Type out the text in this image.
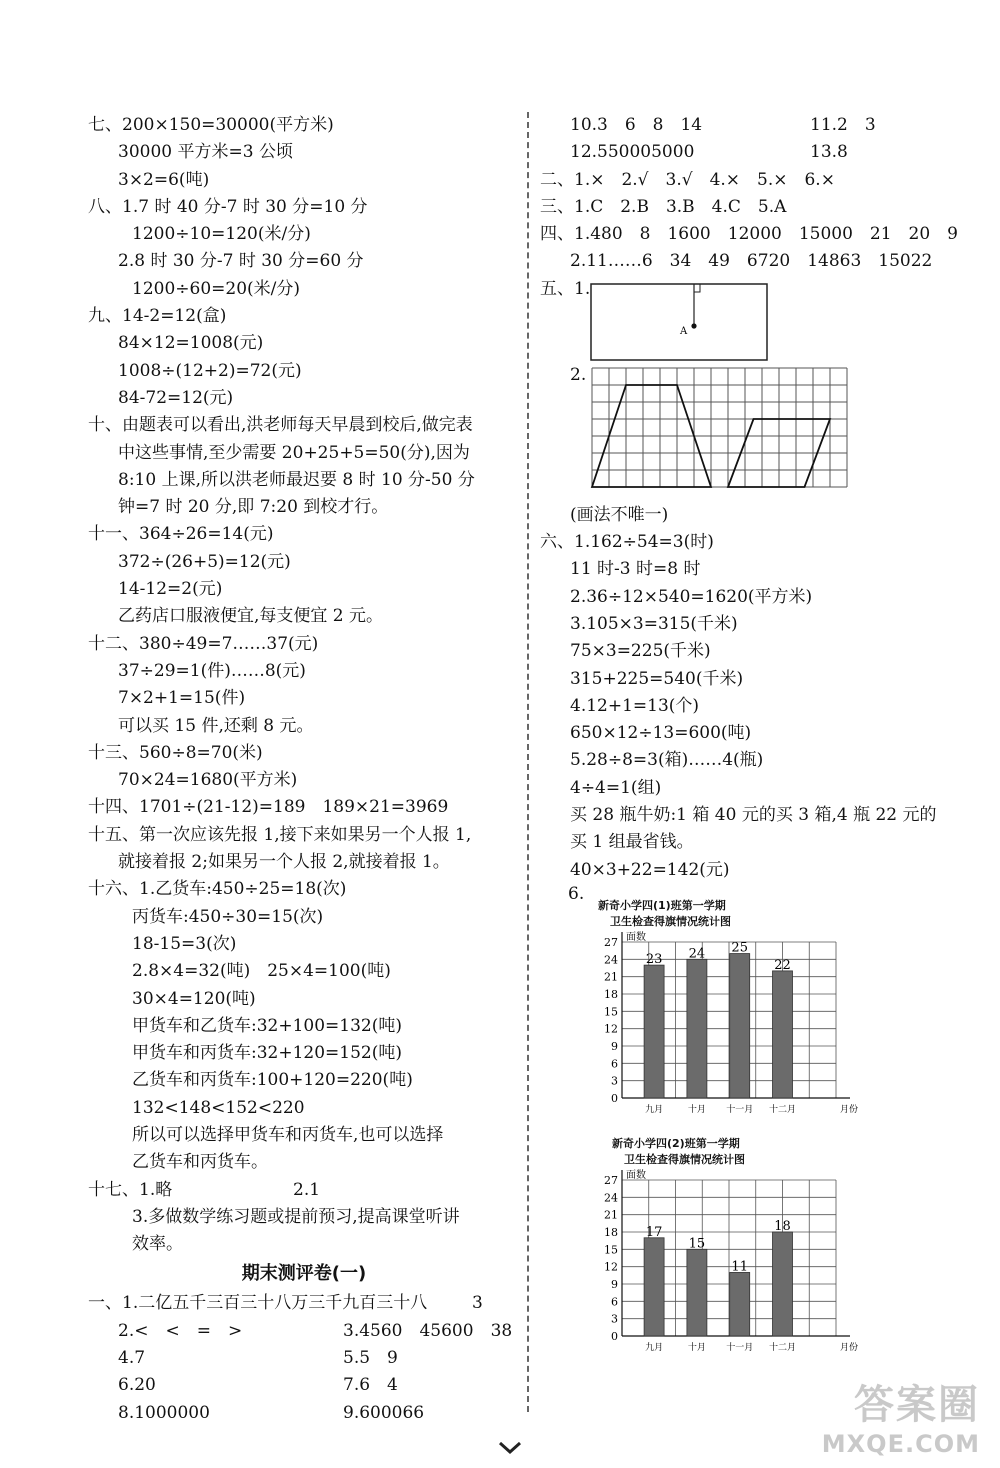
七、200×150=30000(平方米)
30000 平方米=3 公顷
3×2=6(吨)
八、1.7 时 40 分-7 时 30 分=10 分
1200÷10=120(米/分)
2.8 时 30 分-7 时 30 分=60 分
1200÷60=20(米/分)
九、14-2=12(盒)
84×12=1008(元)
1008÷(12+2)=72(元)
84-72=12(元)
十、由题表可以看出,洪老师每天早晨到校后,做完表
中这些事情,至少需要 20+25+5=50(分),因为
8:10 上课,所以洪老师最迟要 8 时 10 分-50 分
钟=7 时 20 分,即 7:20 到校才行。
十一、364÷26=14(元)
372÷(26+5)=12(元)
14-12=2(元)
乙药店口服液便宜,每支便宜 2 元。
十二、380÷49=7……37(元)
37÷29=1(件)……8(元)
7×2+1=15(件)
可以买 15 件,还剩 8 元。
十三、560÷8=70(米)
70×24=1680(平方米)
十四、1701÷(21-12)=189　189×21=3969
十五、第一次应该先报 1,接下来如果另一个人报 1,
就接着报 2;如果另一个人报 2,就接着报 1。
十六、1.乙货车:450÷25=18(次)
丙货车:450÷30=15(次)
18-15=3(次)
2.8×4=32(吨)　25×4=100(吨)
30×4=120(吨)
甲货车和乙货车:32+100=132(吨)
甲货车和丙货车:32+120=152(吨)
乙货车和丙货车:100+120=220(吨)
132<148<152<220
所以可以选择甲货车和丙货车,也可以选择
乙货车和丙货车。
十七、1.略	2.1
3.多做数学练习题或提前预习,提高课堂听讲
效率。
期末测评卷(一)
一、1.二亿五千三百三十八万三千九百三十八	3
2.<　<　=　>	3.4560　45600　38
4.7	5.5　9
6.20	7.6　4
8.1000000	9.600066
10.3　6　8　14	11.2　3
12.550005000	13.8
二、1.×　2.√　3.√　4.×　5.×　6.×
三、1.C　2.B　3.B　4.C　5.A
四、1.480　8　1600　12000　15000　21　20　9
2.11……6　34　49　6720　14863　15022
五、1.
A
2.
(画法不唯一)
六、1.162÷54=3(时)
11 时-3 时=8 时
2.36÷12×540=1620(平方米)
3.105×3=315(千米)
75×3=225(千米)
315+225=540(千米)
4.12+1=13(个)
650×12÷13=600(吨)
5.28÷8=3(箱)……4(瓶)
4÷4=1(组)
买 28 瓶牛奶:1 箱 40 元的买 3 箱,4 瓶 22 元的
买 1 组最省钱。
40×3+22=142(元)
6.
新奇小学四(1)班第一学期
卫生检查得旗情况统计图
0
3
6
9
12
15
18
21
24
27 面数
月份
23
九月
24
十月
25
十一月
22
十二月
新奇小学四(2)班第一学期
卫生检查得旗情况统计图
0
3
6
9
12
15
18
21
24
27 面数
月份
17
九月
15
十月
11
十一月
18
十二月
答案圈
MXQE.COM
